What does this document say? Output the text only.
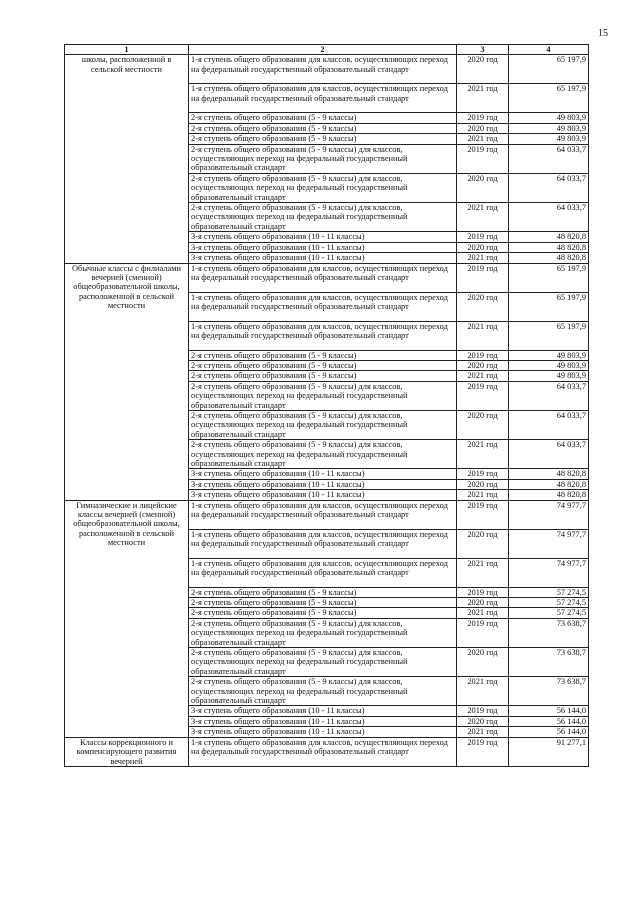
15
1	2	3	4
школы, расположенной в сельской местности	1-я ступень общего образования для классов, осуществляющих переход на федеральный государственный образовательный стандарт	2020 год	65 197,9
	1-я ступень общего образования для классов, осуществляющих переход на федеральный государственный образовательный стандарт	2021 год	65 197,9
	2-я ступень общего образования (5 - 9 классы)	2019 год	49 803,9
	2-я ступень общего образования (5 - 9 классы)	2020 год	49 803,9
	2-я ступень общего образования (5 - 9 классы)	2021 год	49 803,9
	2-я ступень общего образования (5 - 9 классы) для классов, осуществляющих переход на федеральный государственный образовательный стандарт	2019 год	64 033,7
	2-я ступень общего образования (5 - 9 классы) для классов, осуществляющих переход на федеральный государственный образовательный стандарт	2020 год	64 033,7
	2-я ступень общего образования (5 - 9 классы) для классов, осуществляющих переход на федеральный государственный образовательный стандарт	2021 год	64 033,7
	3-я ступень общего образования (10 - 11 классы)	2019 год	48 820,8
	3-я ступень общего образования (10 - 11 классы)	2020 год	48 820,8
	3-я ступень общего образования (10 - 11 классы)	2021 год	48 820,8
Обычные классы с филиалами вечерней (сменной) общеобразовательной школы, расположенной в сельской местности	1-я ступень общего образования для классов, осуществляющих переход на федеральный государственный образовательный стандарт	2019 год	65 197,9
	1-я ступень общего образования для классов, осуществляющих переход на федеральный государственный образовательный стандарт	2020 год	65 197,9
	1-я ступень общего образования для классов, осуществляющих переход на федеральный государственный образовательный стандарт	2021 год	65 197,9
	2-я ступень общего образования (5 - 9 классы)	2019 год	49 803,9
	2-я ступень общего образования (5 - 9 классы)	2020 год	49 803,9
	2-я ступень общего образования (5 - 9 классы)	2021 год	49 803,9
	2-я ступень общего образования (5 - 9 классы) для классов, осуществляющих переход на федеральный государственный образовательный стандарт	2019 год	64 033,7
	2-я ступень общего образования (5 - 9 классы) для классов, осуществляющих переход на федеральный государственный образовательный стандарт	2020 год	64 033,7
	2-я ступень общего образования (5 - 9 классы) для классов, осуществляющих переход на федеральный государственный образовательный стандарт	2021 год	64 033,7
	3-я ступень общего образования (10 - 11 классы)	2019 год	48 820,8
	3-я ступень общего образования (10 - 11 классы)	2020 год	48 820,8
	3-я ступень общего образования (10 - 11 классы)	2021 год	48 820,8
Гимназические и лицейские классы вечерней (сменной) общеобразовательной школы, расположенной в сельской местности	1-я ступень общего образования для классов, осуществляющих переход на федеральный государственный образовательный стандарт	2019 год	74 977,7
	1-я ступень общего образования для классов, осуществляющих переход на федеральный государственный образовательный стандарт	2020 год	74 977,7
	1-я ступень общего образования для классов, осуществляющих переход на федеральный государственный образовательный стандарт	2021 год	74 977,7
	2-я ступень общего образования (5 - 9 классы)	2019 год	57 274,5
	2-я ступень общего образования (5 - 9 классы)	2020 год	57 274,5
	2-я ступень общего образования (5 - 9 классы)	2021 год	57 274,5
	2-я ступень общего образования (5 - 9 классы) для классов, осуществляющих переход на федеральный государственный образовательный стандарт	2019 год	73 638,7
	2-я ступень общего образования (5 - 9 классы) для классов, осуществляющих переход на федеральный государственный образовательный стандарт	2020 год	73 638,7
	2-я ступень общего образования (5 - 9 классы) для классов, осуществляющих переход на федеральный государственный образовательный стандарт	2021 год	73 638,7
	3-я ступень общего образования (10 - 11 классы)	2019 год	56 144,0
	3-я ступень общего образования (10 - 11 классы)	2020 год	56 144,0
	3-я ступень общего образования (10 - 11 классы)	2021 год	56 144,0
Классы коррекционного и компенсирующего развития вечерней	1-я ступень общего образования для классов, осуществляющих переход на федеральный государственный образовательный стандарт	2019 год	91 277,1
